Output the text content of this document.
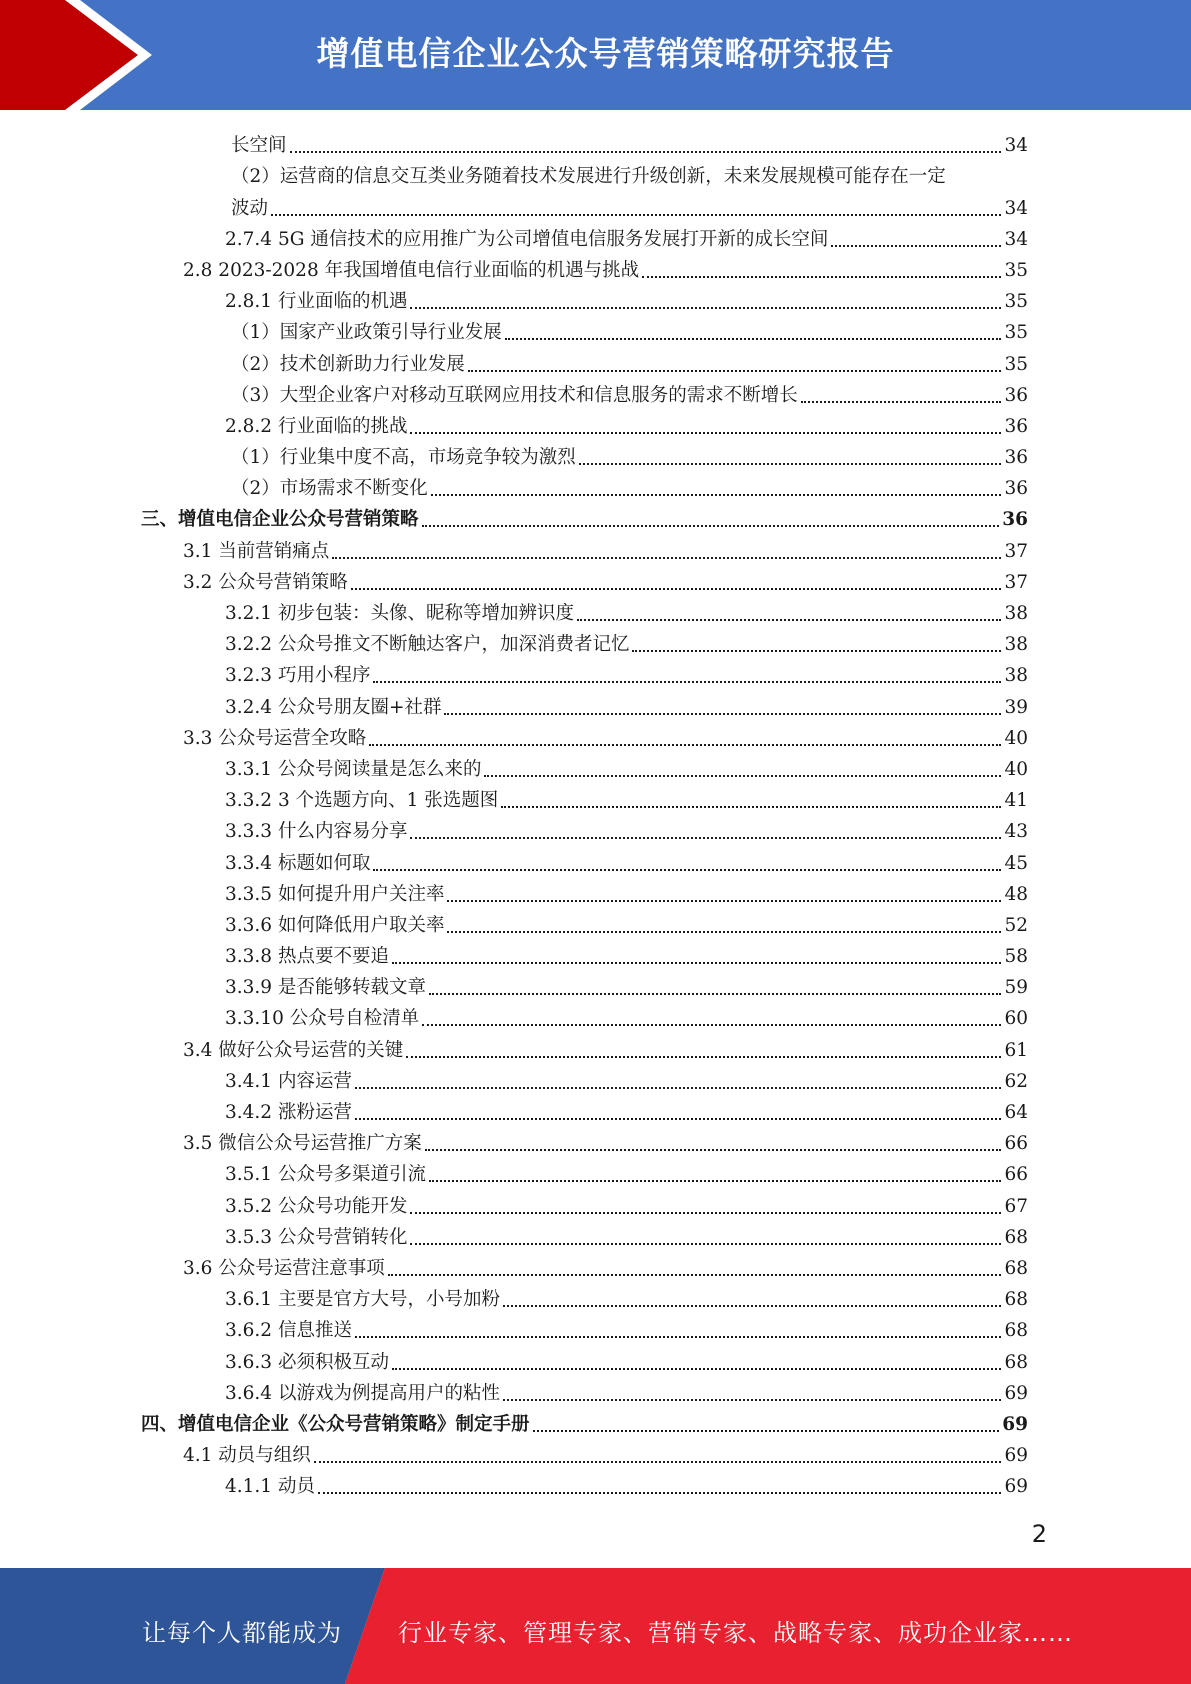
增值电信企业公众号营销策略研究报告
长空间	34
（2）运营商的信息交互类业务随着技术发展进行升级创新，未来发展规模可能存在一定
波动	34
2.7.4 5G 通信技术的应用推广为公司增值电信服务发展打开新的成长空间	34
2.8 2023-2028 年我国增值电信行业面临的机遇与挑战	35
2.8.1 行业面临的机遇	35
（1）国家产业政策引导行业发展	35
（2）技术创新助力行业发展	35
（3）大型企业客户对移动互联网应用技术和信息服务的需求不断增长	36
2.8.2 行业面临的挑战	36
（1）行业集中度不高，市场竞争较为激烈	36
（2）市场需求不断变化	36
三、增值电信企业公众号营销策略	36
3.1 当前营销痛点	37
3.2 公众号营销策略	37
3.2.1 初步包装：头像、昵称等增加辨识度	38
3.2.2 公众号推文不断触达客户，加深消费者记忆	38
3.2.3 巧用小程序	38
3.2.4 公众号朋友圈+社群	39
3.3 公众号运营全攻略	40
3.3.1 公众号阅读量是怎么来的	40
3.3.2 3 个选题方向、1 张选题图	41
3.3.3 什么内容易分享	43
3.3.4 标题如何取	45
3.3.5 如何提升用户关注率	48
3.3.6 如何降低用户取关率	52
3.3.8 热点要不要追	58
3.3.9 是否能够转载文章	59
3.3.10 公众号自检清单	60
3.4 做好公众号运营的关键	61
3.4.1 内容运营	62
3.4.2 涨粉运营	64
3.5 微信公众号运营推广方案	66
3.5.1 公众号多渠道引流	66
3.5.2 公众号功能开发	67
3.5.3 公众号营销转化	68
3.6 公众号运营注意事项	68
3.6.1 主要是官方大号，小号加粉	68
3.6.2 信息推送	68
3.6.3 必须积极互动	68
3.6.4 以游戏为例提高用户的粘性	69
四、增值电信企业《公众号营销策略》制定手册	69
4.1 动员与组织	69
4.1.1 动员	69
2
让每个人都能成为 行业专家、管理专家、营销专家、战略专家、成功企业家……
